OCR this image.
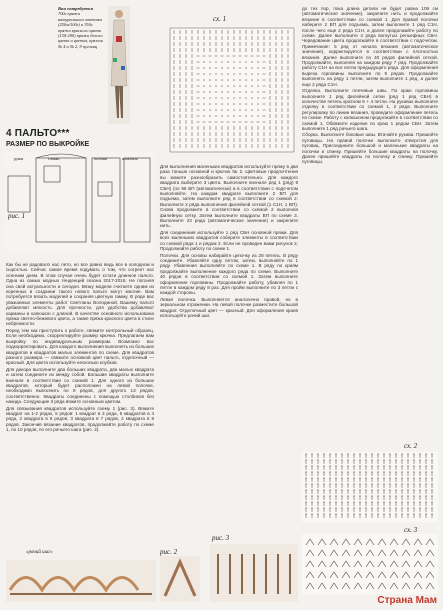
Вам потребуется
700г пряжи натурального оттенка (250м/100г) и 350г пряжи красного цвета (150-200) пряжи белого цвета и цветов, крючок № 4 и № 2, 9 пуговиц
4 ПАЛЬТО***
РАЗМЕР ПО ВЫКРОЙКЕ
рукав	спинка	полочка	капюшон
рис. 1
сх. 1

Как бы не радовало нас лето, но все равно ведь все в холодном и сыростью. Сейчас самое время подумать о том, что согреет нас осенним днем. В этом случае очень будет кстати длинное пальто. Одна из самых модных тенденций сезона 2017-2018. Не погоняя она свой актуальности и сегодня. Вязку модели считаете одним из коренных в создании такого нового пальто могут многие. Вам потребуется вязать моделей и сохраняя цветную гамму. В ряде вас уважаемых элементы работ Светланы Володиной. Вашему пальто добавляют мягкость. Для прочности, для удобства добавляют карманы и капюшон с длиной. В качестве основного использована пряжа светло-бежевого цвета, а также пряжа красного цвета в стиле небрежности.

Перед тем как приступить к работе, свяжите контрольный образец. Если необходимо, скорректируйте размер крючка. Предлагаем вам выкройку по индивидуальным размерам. Возможно вас подкорректировать. Для каждого выполнения выполнять из больших квадратов и квадратов малых элементов по схеме. Для квадратов разного размера — свяжите основной цвет пальто, отделочный — красный. Для цвета используйте несколько клубков.

Для декора выполните два больших квадрата, два малых квадрата и затем соедините их между собой. Большие квадраты выполните вначале в соответствии со схемой 1. Для одного из больших квадратов, который будет расположен на левой полочке, необходимо выполнить по 8 рядов, для другого 13 рядов, соответственно. Квадраты соединены с помощью столбиков без накида. Следующие 3 ряда вяжите основным цветом.

Для связывания квадратов используйте схему 1 (рис. 3). Вяжите квадрат на 1-2 рядах, 5 рядов: 1 квадрат в 3 ряда, 5 квадратов в 4 ряда, 2 квадрата в 6 рядов, 3 квадрата в 7 рядов, 2 квадрата в 8 рядов. Закончив вязание квадратов, продолжайте работу по схеме 1, по 10 рядов, по его рачьего шага (рис. 2).

Для выполнения маленьких квадратов используйте пряжу в два раза тоньше основной и крючок № 2. Цветовые предпочтения вы можете разнообразить самостоятельно. Для каждого квадрата выберите 3 цвета. Выполните вначале ряд 1 (ряд) 9 СБН) (по 95 ВП (автоматически) и в соответствии с подсчетом выполняйте. На каждом квадрате выполните 2 ВП для подъема, затем выполните ряд в соответствии со схемой 2. Выполните 2 ряда выполнения филейной сеткой (1 С1Н, 1 ВП). Снова продолжите в соответствии со схемой 2 выполняя филейную сетку. Затем выполните квадраты ВП по схеме 3. Выполните 23 ряда (автоматическое значение) и закрепите нить.

Для соединения используйте 1 ряд СБН основной пряжи. Для всех маленьких квадратов соберите элементы в соответствии со схемой ряда 1 и рядом 2. Если не проведен вами рисунок 2, Продолжайте работу по схеме 1.

Полочки. Для основы набирайте цепочку из 28 петель. В ряду соедините. Убавляйте одну петлю, затем, выполняйте по 1 ряду. Убавления выполняйте по схеме 1. В ряду по краям продолжайте выполнение каждого ряда по схеме. Выполните 40 рядов в соответствии со схемой 1. Затем выполните оформление горловины. Продолжайте работу, убавляя по 1 петле в каждом ряду 8 раз. Для пройм выполните по 3 петли с каждой стороны.

Левая полочка. Выполняется аналогично правой, но в зеркальном отражении. На левой полочке разместите большой квадрат. Отделочный цвет — красный. Для оформления краев используйте рачий шаг.

до тех пор, пока длина детали не будет равна 109 см (автоматическое значение), закрепите нить и продолжайте вязание в соответствии со схемой 1. Для правой полочки наберите 2 ВП для подъема, затем выполните 1 ряд С1Н, после чего еще 2 ряда С1Н, а далее продолжайте работу по схеме. Далее выполните 4 ряда вогнутых рельефных СБН. Чередование цвета продолжайте в соответствии с подсчетом. Примечание: 5 ряд от начала вязания (автоматическое значение), корректируется в соответствии с плотностью вязания. Далее выполните по 40 рядов филейной сеткой. Продолжайте, выполняя на каждом ряду 7 ряд. Продолжайте работу С1Н на все петли предыдущего ряда. Для оформления выреза горловины выполните по 9 рядов. Продолжайте выполнять на ряду 1 петли, затем выполните 1 ряд, а далее еще 2 ряда С1Н.

Отделка. Выполните плечевые швы. По краю горловины выполните 1 ряд филейной сетки (ряд 1 ряд СБН) в количестве петель кратном 6 + 4 петли. На рукавах выполните отделку в соответствии со схемой 1, 2 ряда. Выполните регулировку по линии вязания, проведите оформление петель по схеме. Работу с капюшоном продолжайте в соответствии со схемой 1. Обвяжите изделие по краю 1 рядом СБН. Затем выполните 1 ряд рачьего шага.

Сборка. Выполните боковые швы. Втачайте рукава. Пришейте пуговицы. На правой полочке выполните отверстия для пуговиц. Присоедините большой и маленькие квадраты на полочки и спинку. Пришейте большие квадраты на полочку. Далее пришейте квадраты по полочку и спинку. Пришейте пуговицы.

сх. 2
сх. 3
«рачий шаг»	рис. 2
рис. 3
Страна Мам
